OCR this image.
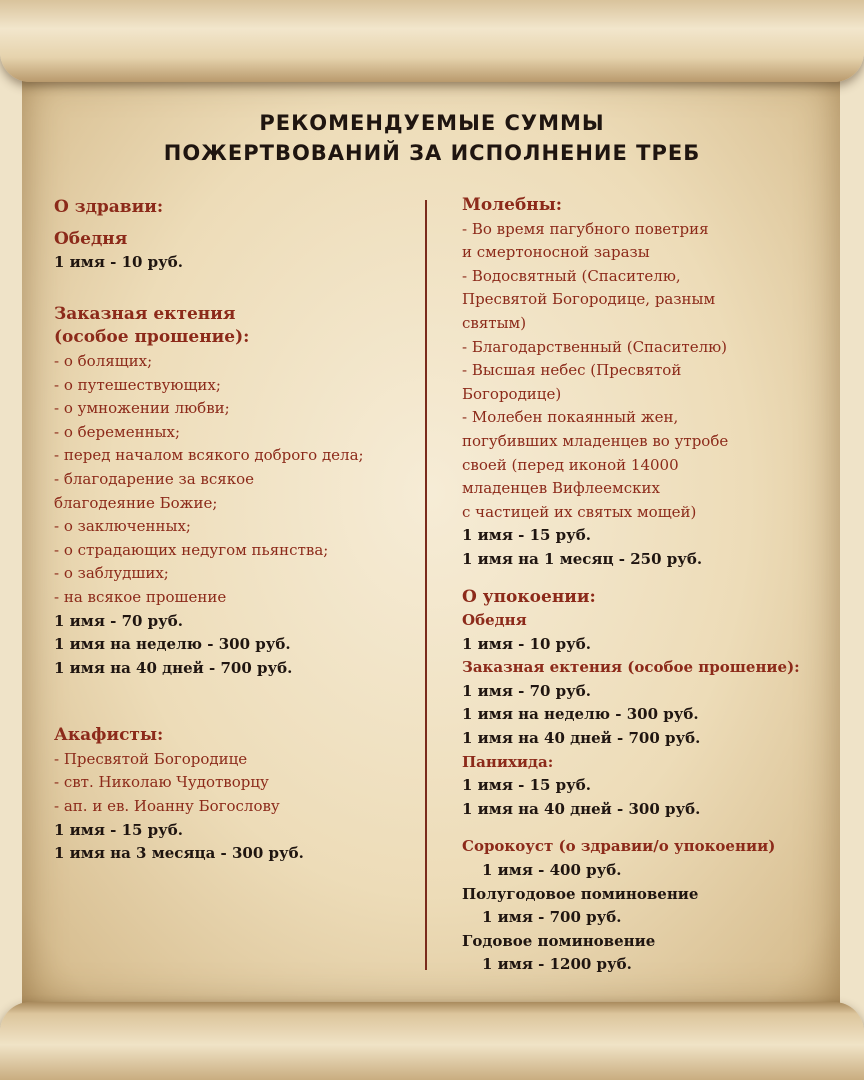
РЕКОМЕНДУЕМЫЕ СУММЫ
ПОЖЕРТВОВАНИЙ ЗА ИСПОЛНЕНИЕ ТРЕБ
О здравии:
Обедня
1 имя - 10 руб.
Заказная ектения
(особое прошение):
- о болящих;
- о путешествующих;
- о умножении любви;
- о беременных;
- перед началом всякого доброго дела;
- благодарение за всякое
благодеяние Божие;
- о заключенных;
- о страдающих недугом пьянства;
- о заблудших;
- на всякое прошение
1 имя - 70 руб.
1 имя на неделю - 300 руб.
1 имя на 40 дней - 700 руб.
Акафисты:
- Пресвятой Богородице
- свт. Николаю Чудотворцу
- ап. и ев. Иоанну Богослову
1 имя - 15 руб.
1 имя на 3 месяца - 300 руб.
Молебны:
- Во время пагубного поветрия
и смертоносной заразы
- Водосвятный (Спасителю,
Пресвятой Богородице, разным
святым)
- Благодарственный (Спасителю)
- Высшая небес (Пресвятой
Богородице)
- Молебен покаянный жен,
погубивших младенцев во утробе
своей (перед иконой 14000
младенцев Вифлеемских
с частицей их святых мощей)
1 имя - 15 руб.
1 имя на 1 месяц - 250 руб.
О упокоении:
Обедня
1 имя - 10 руб.
Заказная ектения (особое прошение):
1 имя - 70 руб.
1 имя на неделю - 300 руб.
1 имя на 40 дней - 700 руб.
Панихида:
1 имя - 15 руб.
1 имя на 40 дней - 300 руб.
Сорокоуст (о здравии/о упокоении)
1 имя - 400 руб.
Полугодовое поминовение
1 имя - 700 руб.
Годовое поминовение
1 имя - 1200 руб.
